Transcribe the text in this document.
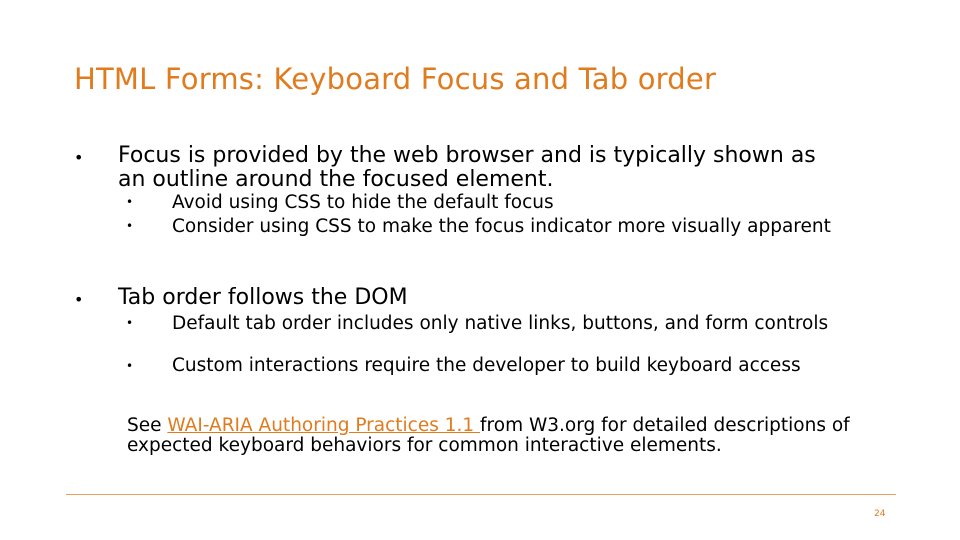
HTML Forms: Keyboard Focus and Tab order
• Focus is provided by the web browser and is typically shown as an outline around the focused element.
• Avoid using CSS to hide the default focus
• Consider using CSS to make the focus indicator more visually apparent
• Tab order follows the DOM
• Default tab order includes only native links, buttons, and form controls
• Custom interactions require the developer to build keyboard access
See WAI-ARIA Authoring Practices 1.1 from W3.org for detailed descriptions of expected keyboard behaviors for common interactive elements.
24
